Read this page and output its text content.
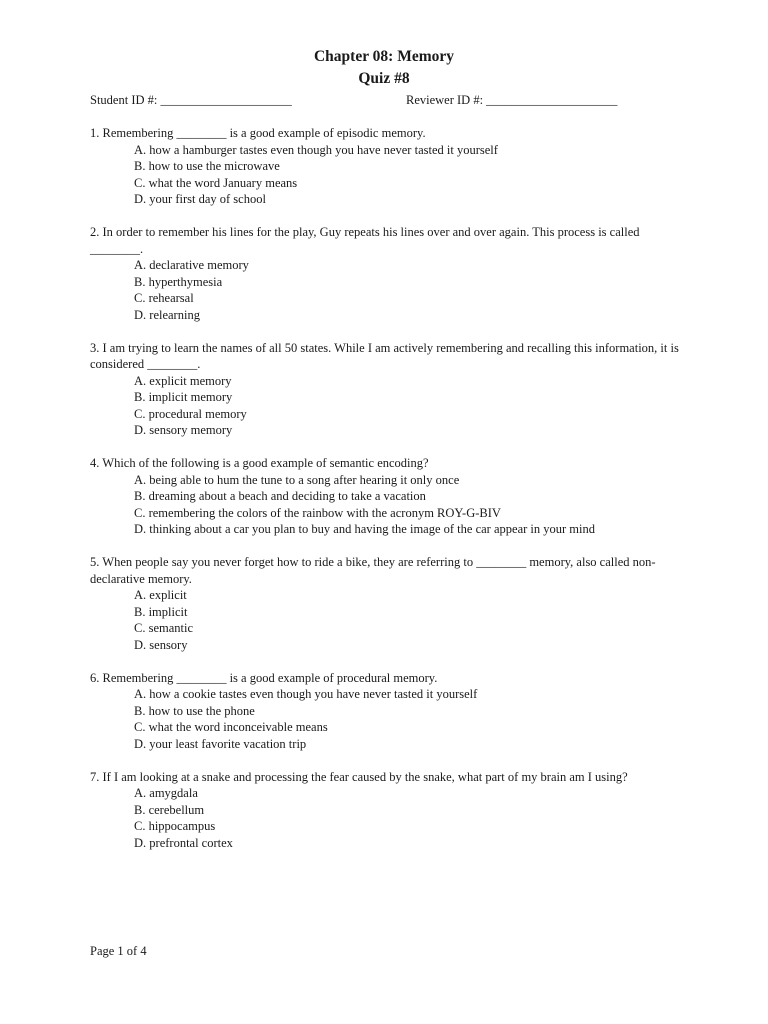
Chapter 08: Memory
Quiz #8
Student ID #: _____________________	Reviewer ID #: _____________________
1. Remembering ________ is a good example of episodic memory.
A. how a hamburger tastes even though you have never tasted it yourself
B. how to use the microwave
C. what the word January means
D. your first day of school
2. In order to remember his lines for the play, Guy repeats his lines over and over again. This process is called ________.
A. declarative memory
B. hyperthymesia
C. rehearsal
D. relearning
3. I am trying to learn the names of all 50 states. While I am actively remembering and recalling this information, it is considered ________.
A. explicit memory
B. implicit memory
C. procedural memory
D. sensory memory
4. Which of the following is a good example of semantic encoding?
A. being able to hum the tune to a song after hearing it only once
B. dreaming about a beach and deciding to take a vacation
C. remembering the colors of the rainbow with the acronym ROY-G-BIV
D. thinking about a car you plan to buy and having the image of the car appear in your mind
5. When people say you never forget how to ride a bike, they are referring to ________ memory, also called non-declarative memory.
A. explicit
B. implicit
C. semantic
D. sensory
6. Remembering ________ is a good example of procedural memory.
A. how a cookie tastes even though you have never tasted it yourself
B. how to use the phone
C. what the word inconceivable means
D. your least favorite vacation trip
7. If I am looking at a snake and processing the fear caused by the snake, what part of my brain am I using?
A. amygdala
B. cerebellum
C. hippocampus
D. prefrontal cortex
Page 1 of 4
